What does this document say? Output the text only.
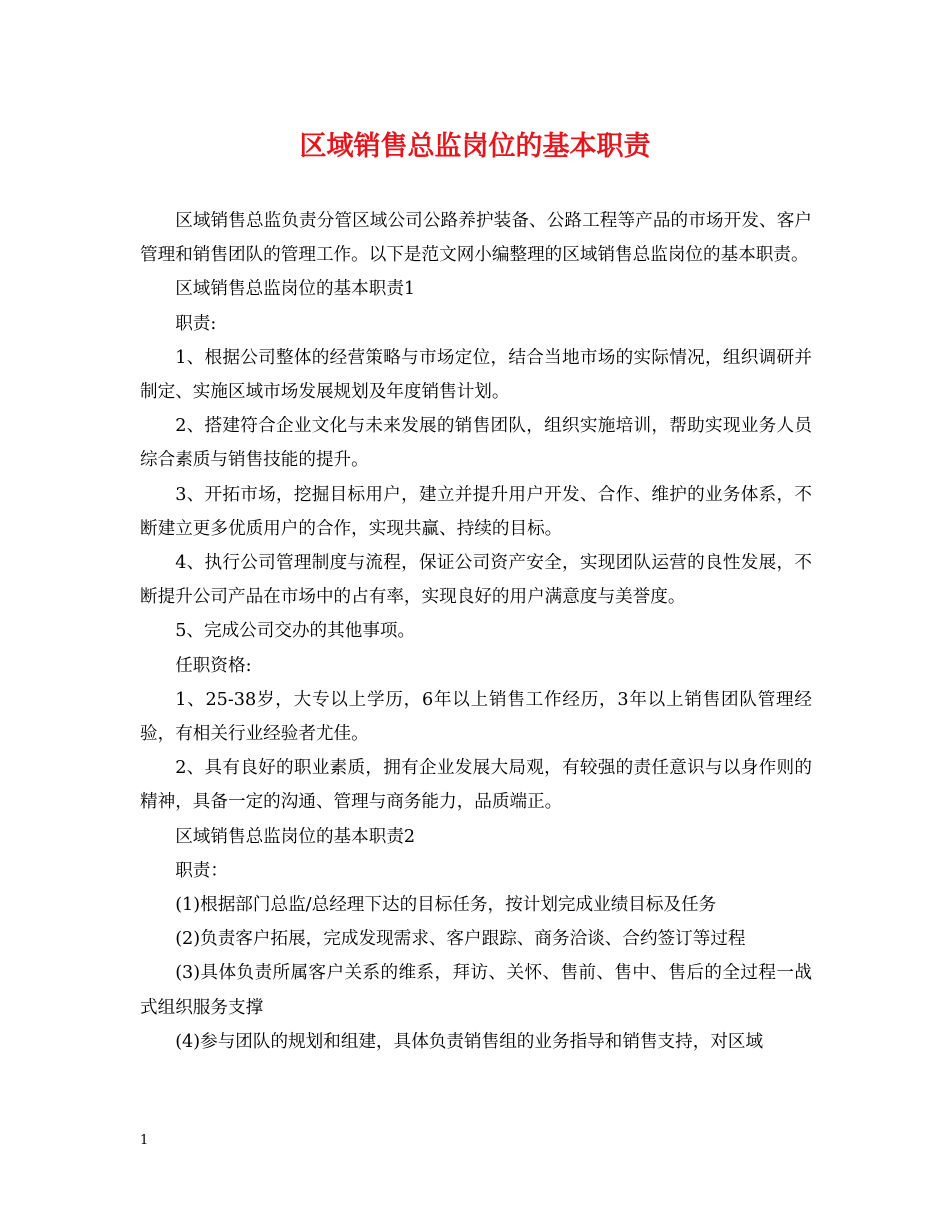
区域销售总监岗位的基本职责

区域销售总监负责分管区域公司公路养护装备、公路工程等产品的市场开发、客户管理和销售团队的管理工作。以下是范文网小编整理的区域销售总监岗位的基本职责。

区域销售总监岗位的基本职责1

职责:

1、根据公司整体的经营策略与市场定位，结合当地市场的实际情况，组织调研并制定、实施区域市场发展规划及年度销售计划。

2、搭建符合企业文化与未来发展的销售团队，组织实施培训，帮助实现业务人员综合素质与销售技能的提升。

3、开拓市场，挖掘目标用户，建立并提升用户开发、合作、维护的业务体系，不断建立更多优质用户的合作，实现共赢、持续的目标。

4、执行公司管理制度与流程，保证公司资产安全，实现团队运营的良性发展，不断提升公司产品在市场中的占有率，实现良好的用户满意度与美誉度。

5、完成公司交办的其他事项。

任职资格:

1、25-38岁，大专以上学历，6年以上销售工作经历，3年以上销售团队管理经验，有相关行业经验者尤佳。

2、具有良好的职业素质，拥有企业发展大局观，有较强的责任意识与以身作则的精神，具备一定的沟通、管理与商务能力，品质端正。

区域销售总监岗位的基本职责2

职责：

(1)根据部门总监/总经理下达的目标任务，按计划完成业绩目标及任务

(2)负责客户拓展，完成发现需求、客户跟踪、商务洽谈、合约签订等过程

(3)具体负责所属客户关系的维系，拜访、关怀、售前、售中、售后的全过程一战式组织服务支撑

(4)参与团队的规划和组建，具体负责销售组的业务指导和销售支持，对区域

1
